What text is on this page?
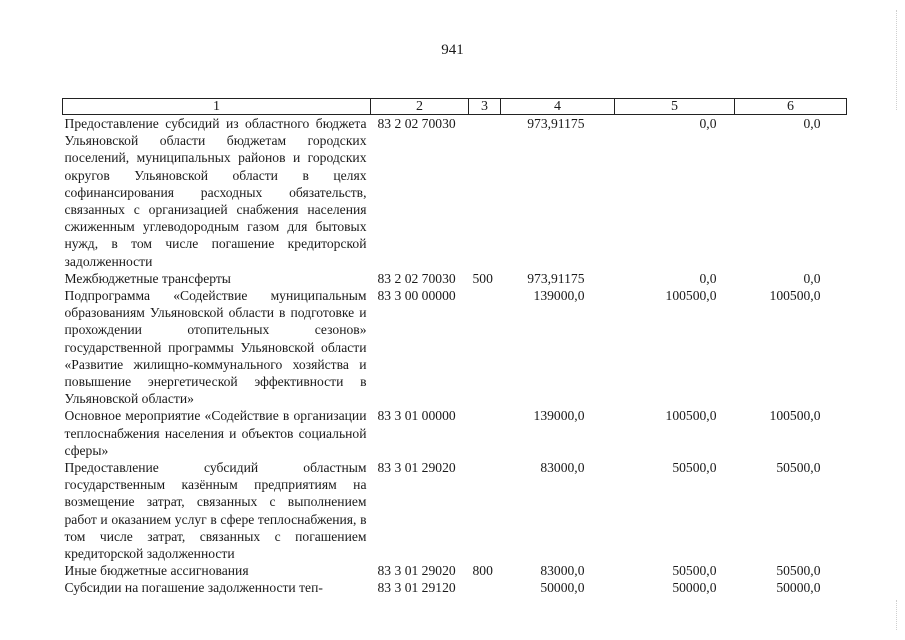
941
1	2	3	4	5	6
Предоставление субсидий из областного бюджета Ульяновской области бюджетам городских поселений, муниципальных районов и городских округов Ульяновской области в целях софинансирования расходных обязательств, связанных с организацией снабжения населения сжиженным углеводородным газом для бытовых нужд, в том числе погашение кредиторской задолженности	83 2 02 70030		973,91175	0,0	0,0
Межбюджетные трансферты	83 2 02 70030	500	973,91175	0,0	0,0
Подпрограмма «Содействие муниципальным образованиям Ульяновской области в подготовке и прохождении отопительных сезонов» государственной программы Ульяновской области «Развитие жилищно-коммунального хозяйства и повышение энергетической эффективности в Ульяновской области»	83 3 00 00000		139000,0	100500,0	100500,0
Основное мероприятие «Содействие в организации теплоснабжения населения и объектов социальной сферы»	83 3 01 00000		139000,0	100500,0	100500,0
Предоставление субсидий областным государственным казённым предприятиям на возмещение затрат, связанных с выполнением работ и оказанием услуг в сфере теплоснабжения, в том числе затрат, связанных с погашением кредиторской задолженности	83 3 01 29020		83000,0	50500,0	50500,0
Иные бюджетные ассигнования	83 3 01 29020	800	83000,0	50500,0	50500,0
Субсидии на погашение задолженности теп-	83 3 01 29120		50000,0	50000,0	50000,0
